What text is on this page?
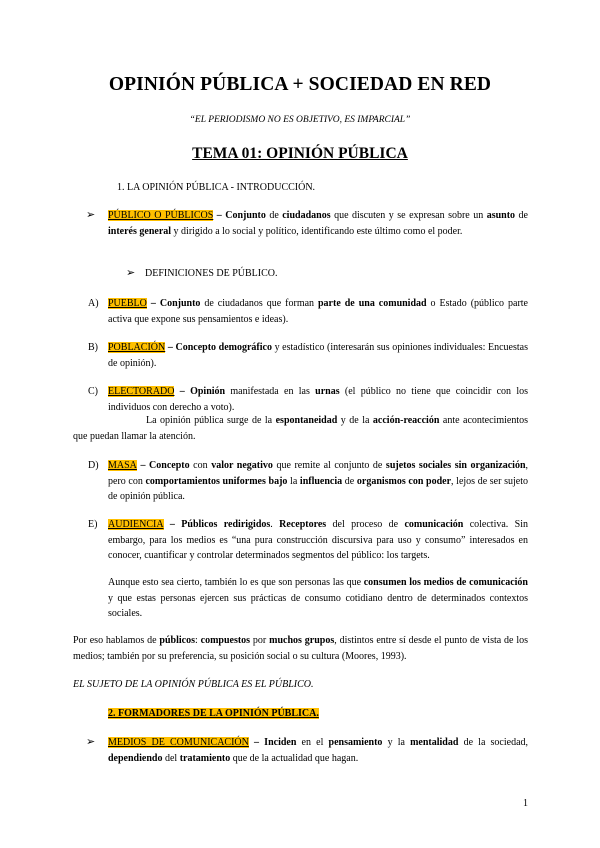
OPINIÓN PÚBLICA + SOCIEDAD EN RED
“EL PERIODISMO NO ES OBJETIVO, ES IMPARCIAL”
TEMA 01: OPINIÓN PÚBLICA
1. LA OPINIÓN PÚBLICA - INTRODUCCIÓN.
➢ PÚBLICO O PÚBLICOS – Conjunto de ciudadanos que discuten y se expresan sobre un asunto de interés general y dirigido a lo social y político, identificando este último como el poder.
➢ DEFINICIONES DE PÚBLICO.
A) PUEBLO – Conjunto de ciudadanos que forman parte de una comunidad o Estado (público parte activa que expone sus pensamientos e ideas).
B) POBLACIÓN – Concepto demográfico y estadístico (interesarán sus opiniones individuales: Encuestas de opinión).
C) ELECTORADO – Opinión manifestada en las urnas (el público no tiene que coincidir con los individuos con derecho a voto).
La opinión pública surge de la espontaneidad y de la acción-reacción ante acontecimientos que puedan llamar la atención.
D) MASA – Concepto con valor negativo que remite al conjunto de sujetos sociales sin organización, pero con comportamientos uniformes bajo la influencia de organismos con poder, lejos de ser sujeto de opinión pública.
E) AUDIENCIA – Públicos redirigidos. Receptores del proceso de comunicación colectiva. Sin embargo, para los medios es “una pura construcción discursiva para uso y consumo” interesados en conocer, cuantificar y controlar determinados segmentos del público: los targets.
Aunque esto sea cierto, también lo es que son personas las que consumen los medios de comunicación y que estas personas ejercen sus prácticas de consumo cotidiano dentro de determinados contextos sociales.
Por eso hablamos de públicos: compuestos por muchos grupos, distintos entre sí desde el punto de vista de los medios; también por su preferencia, su posición social o su cultura (Moores, 1993).
EL SUJETO DE LA OPINIÓN PÚBLICA ES EL PÚBLICO.
2. FORMADORES DE LA OPINIÓN PÚBLICA.
➢ MEDIOS DE COMUNICACIÓN – Inciden en el pensamiento y la mentalidad de la sociedad, dependiendo del tratamiento que de la actualidad que hagan.
1
